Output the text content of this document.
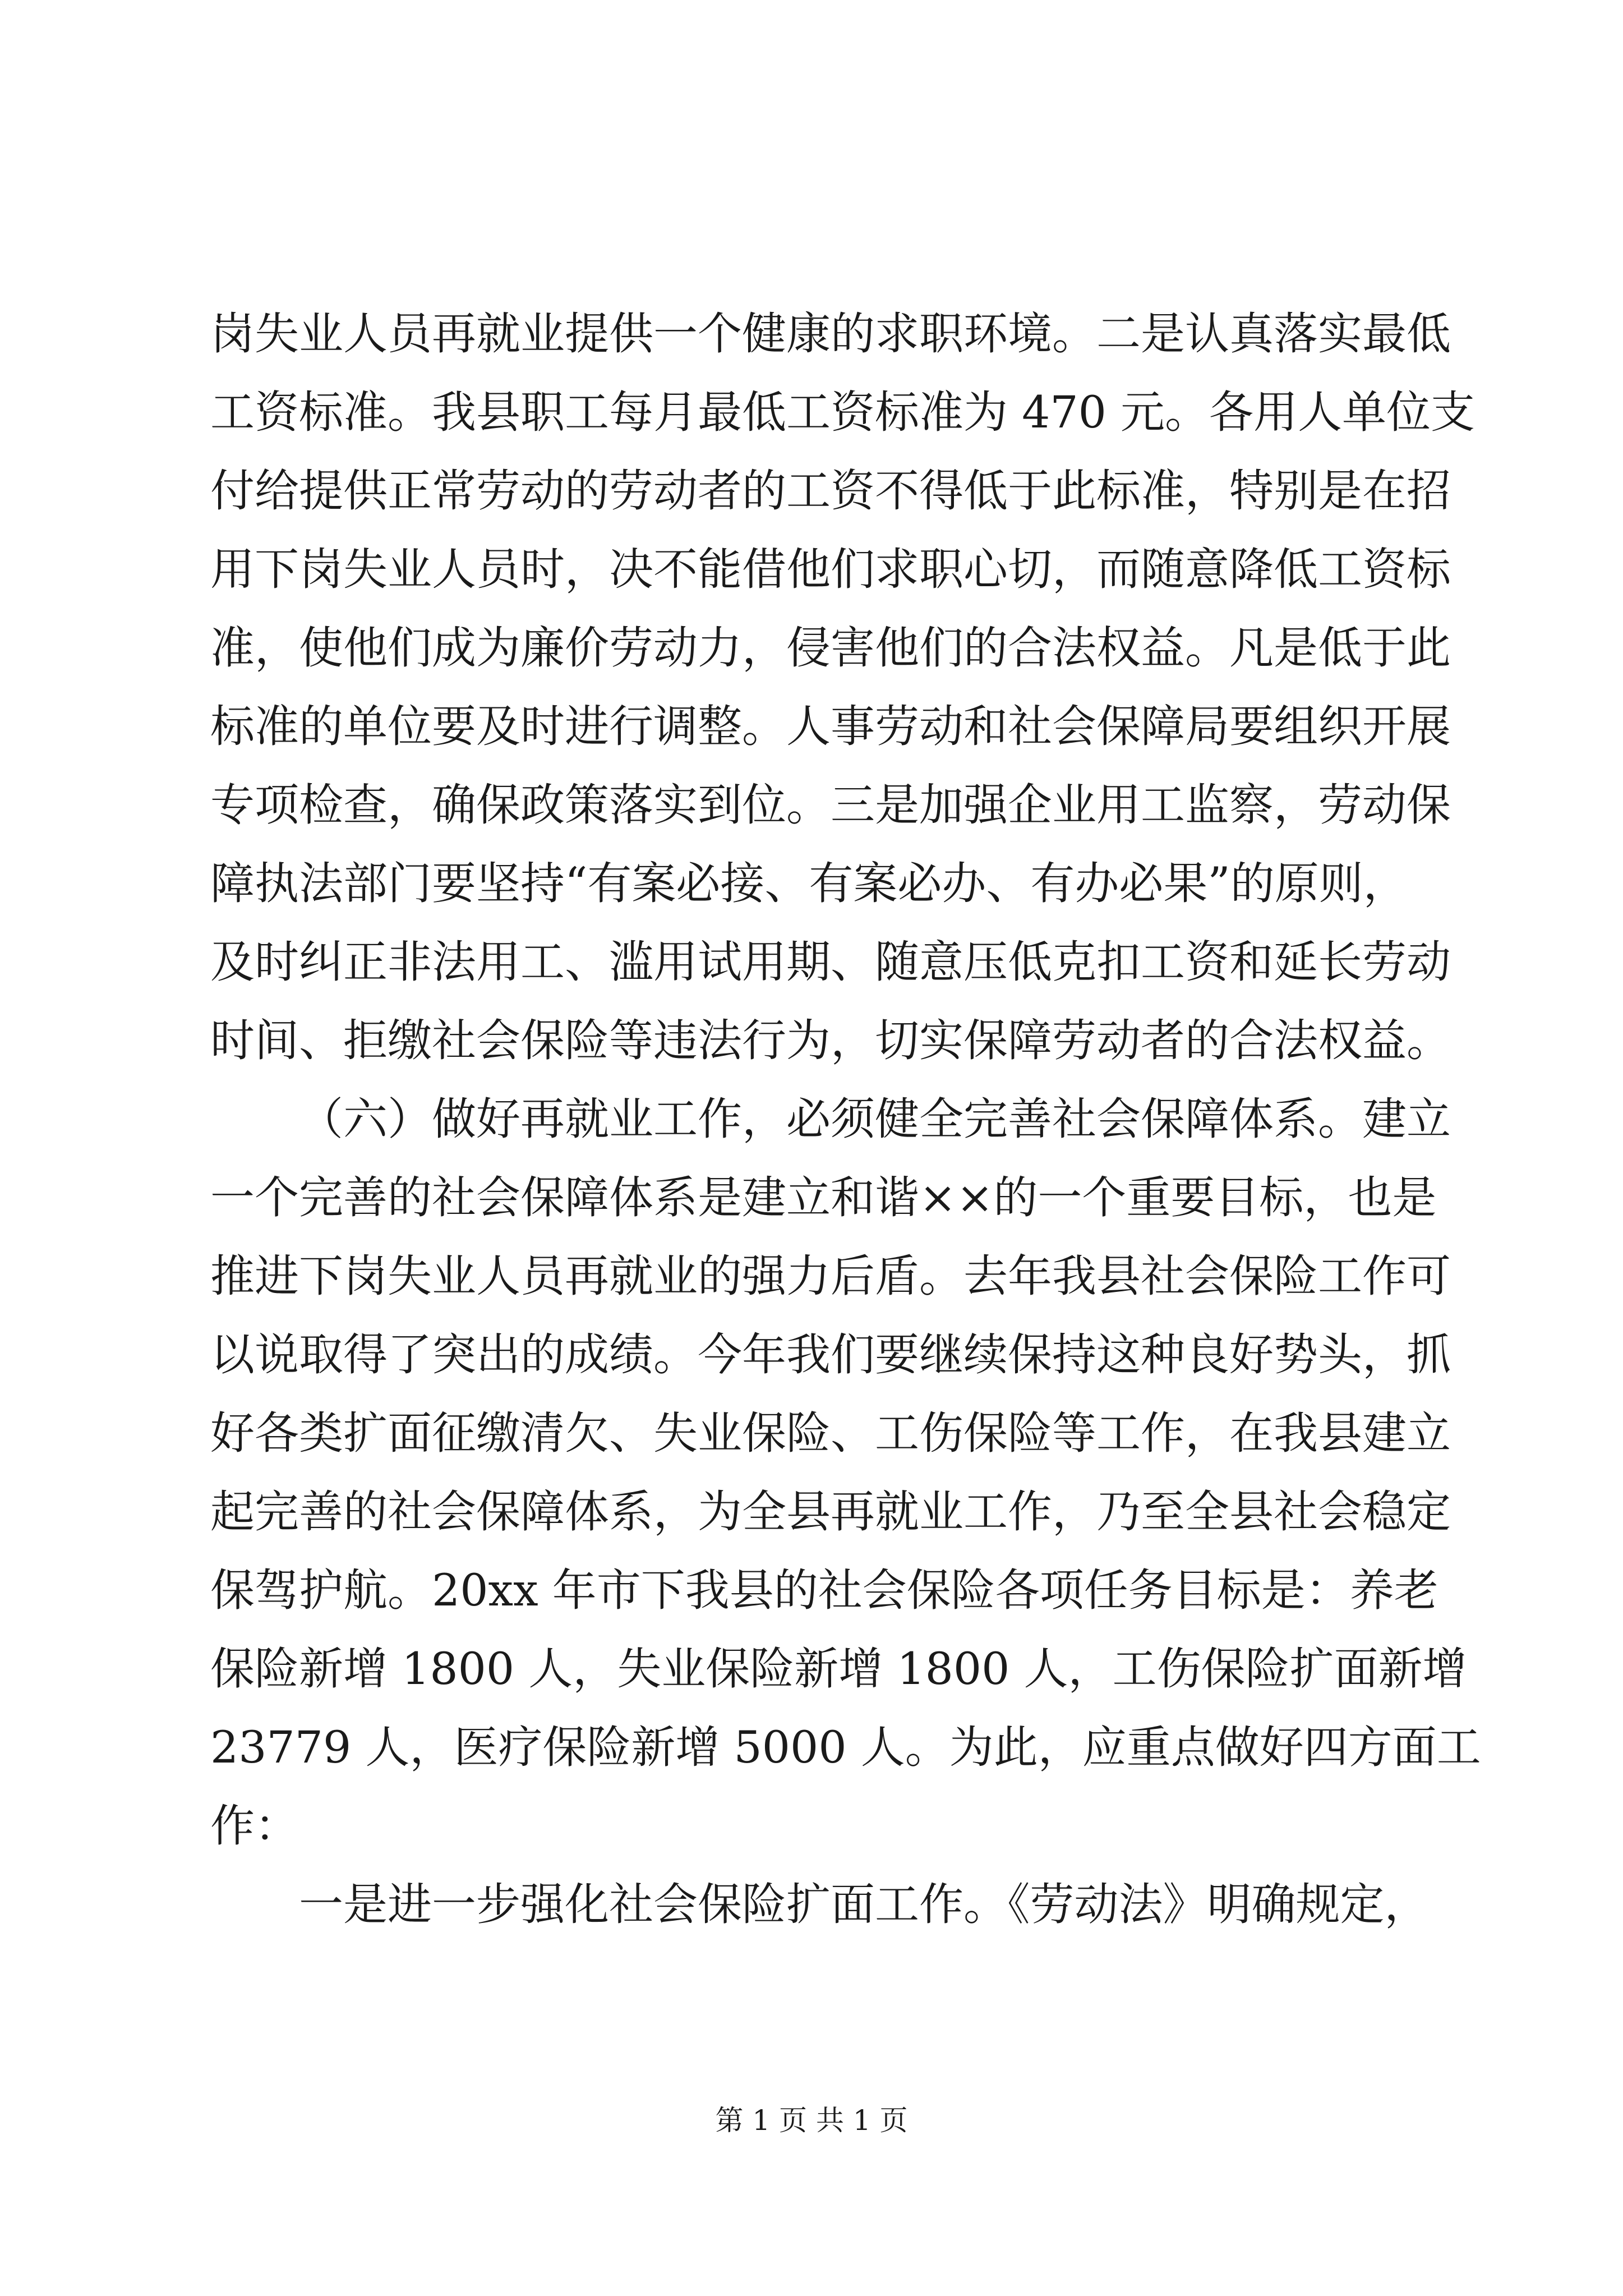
岗失业人员再就业提供一个健康的求职环境。二是认真落实最低
工资标准。我县职工每月最低工资标准为 470 元。各用人单位支
付给提供正常劳动的劳动者的工资不得低于此标准，特别是在招
用下岗失业人员时，决不能借他们求职心切，而随意降低工资标
准，使他们成为廉价劳动力，侵害他们的合法权益。凡是低于此
标准的单位要及时进行调整。人事劳动和社会保障局要组织开展
专项检查，确保政策落实到位。三是加强企业用工监察，劳动保
障执法部门要坚持“有案必接、有案必办、有办必果”的原则，
及时纠正非法用工、滥用试用期、随意压低克扣工资和延长劳动
时间、拒缴社会保险等违法行为，切实保障劳动者的合法权益。
（六）做好再就业工作，必须健全完善社会保障体系。建立
一个完善的社会保障体系是建立和谐××的一个重要目标，也是
推进下岗失业人员再就业的强力后盾。去年我县社会保险工作可
以说取得了突出的成绩。今年我们要继续保持这种良好势头，抓
好各类扩面征缴清欠、失业保险、工伤保险等工作，在我县建立
起完善的社会保障体系，为全县再就业工作，乃至全县社会稳定
保驾护航。20xx 年市下我县的社会保险各项任务目标是：养老
保险新增 1800 人，失业保险新增 1800 人，工伤保险扩面新增
23779 人，医疗保险新增 5000 人。为此，应重点做好四方面工
作：
一是进一步强化社会保险扩面工作。《劳动法》明确规定，
第 1 页 共 1 页
